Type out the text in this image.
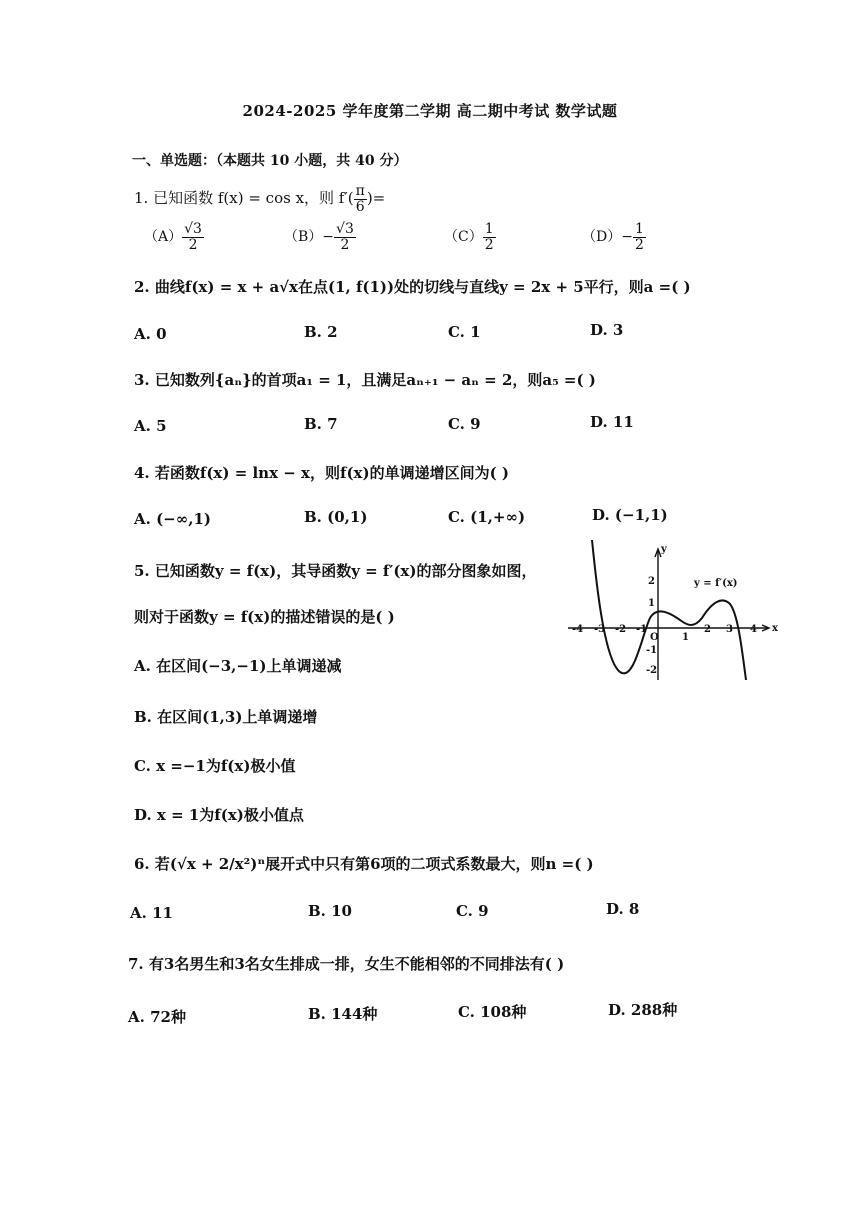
2024-2025 学年度第二学期 高二期中考试 数学试题
一、单选题：（本题共 10 小题，共 40 分）
1. 已知函数 f(x) = cos x，则 $f'( \frac{\pi}{6}$ )=
$(A) \frac{√3}{2}$	$(B)- \frac{√3}{2}$	$(C) \frac{1}{2}$	$(D)- \frac{1}{2}$
2. 曲线f(x) = x + a√x在点(1, f(1))处的切线与直线y = 2x + 5平行，则a =( )
A. 0	B. 2	C. 1	D. 3
3. 已知数列{aₙ}的首项a₁ = 1，且满足aₙ₊₁ − aₙ = 2，则a₅ =( )
A. 5	B. 7	C. 9	D. 11
4. 若函数f(x) = lnx − x，则f(x)的单调递增区间为( )
A. (−∞,1)	B. (0,1)	C. (1,+∞)	D. (−1,1)
5. 已知函数y = f(x)，其导函数y = f′(x)的部分图象如图，
则对于函数y = f(x)的描述错误的是( )
A. 在区间(−3,−1)上单调递减
B. 在区间(1,3)上单调递增
C. x =−1为f(x)极小值
D. x = 1为f(x)极小值点
y
x
O
y = f′(x)
-4 -3 -2 -1
1
2 3 4
2
1
-1
-2
6. 若(√x + 2/x²)ⁿ展开式中只有第6项的二项式系数最大，则n =( )
A. 11	B. 10	C. 9	D. 8
7. 有3名男生和3名女生排成一排，女生不能相邻的不同排法有( )
A. 72种	B. 144种	C. 108种	D. 288种
